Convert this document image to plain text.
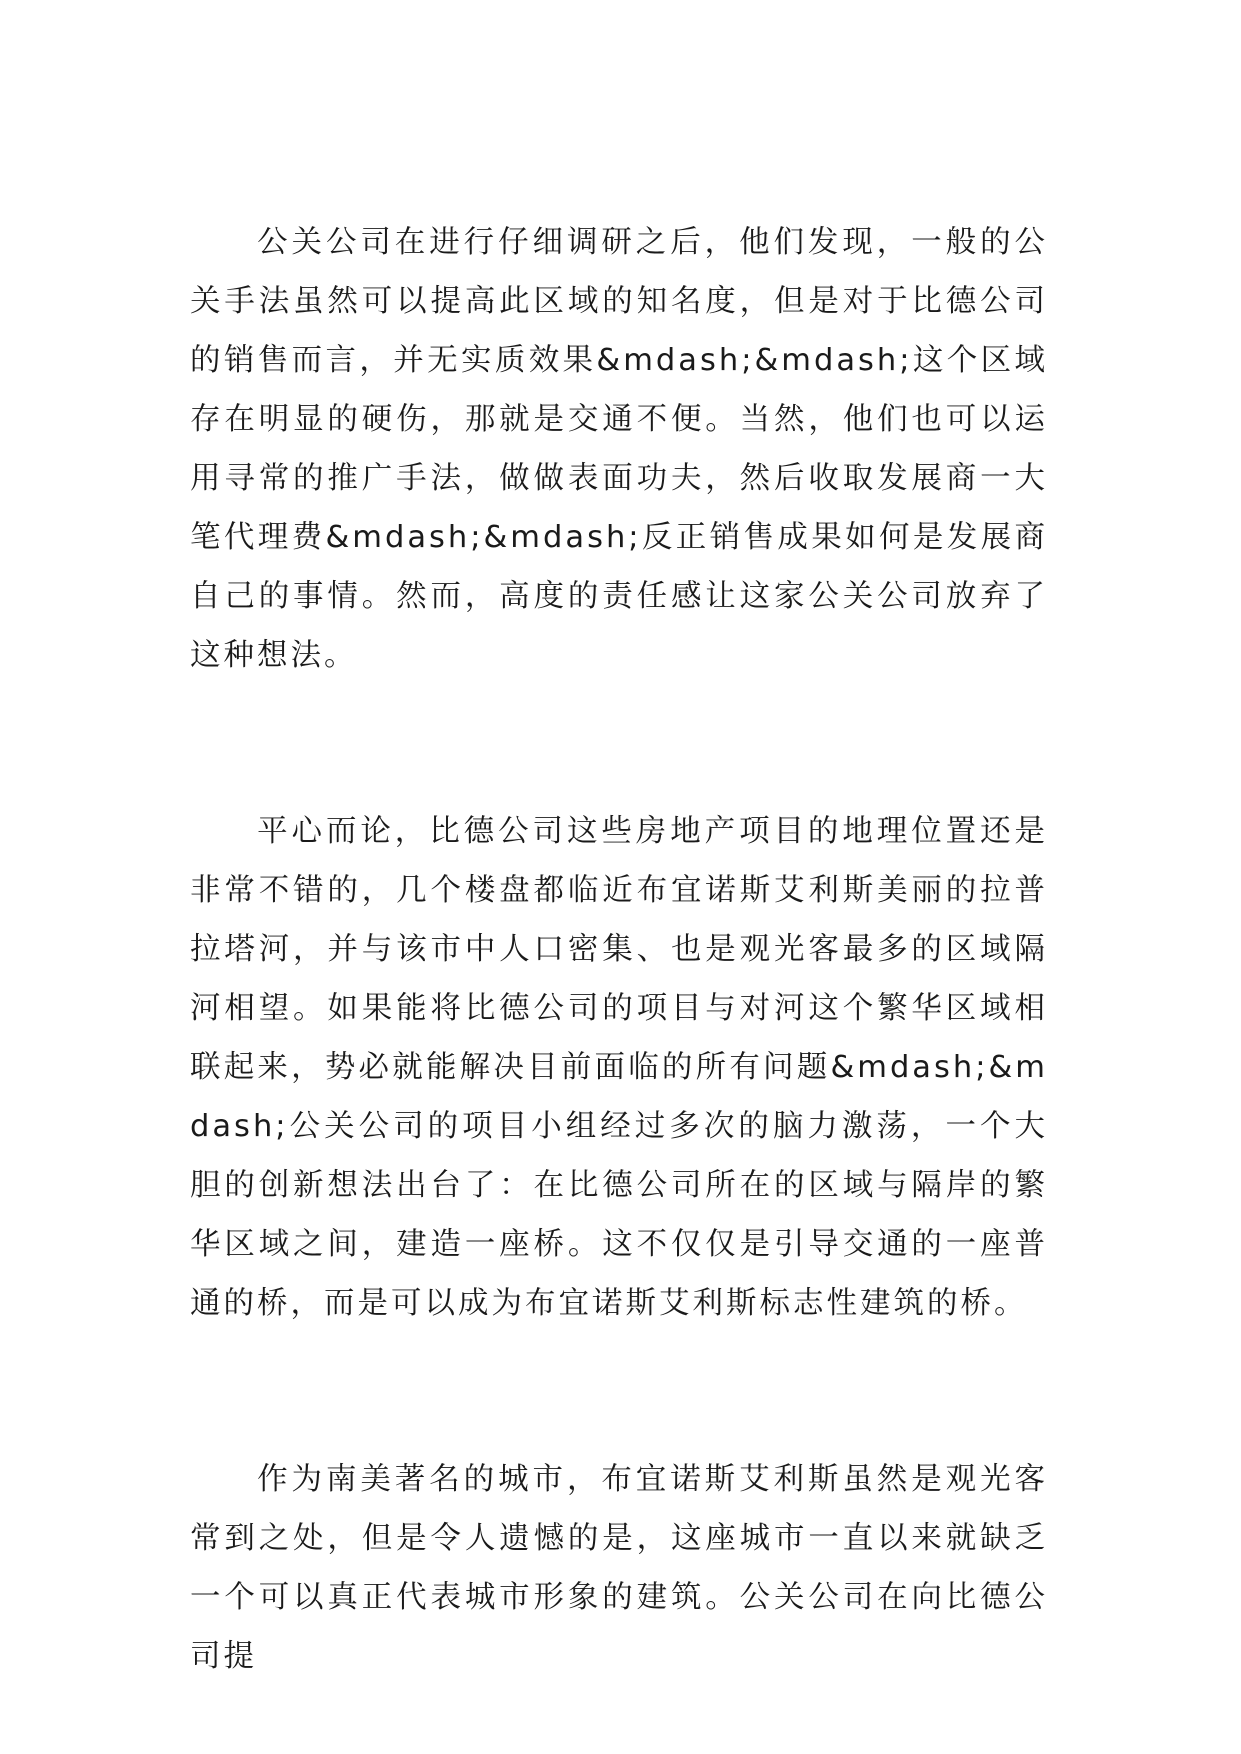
公关公司在进行仔细调研之后，他们发现，一般的公关手法虽然可以提高此区域的知名度，但是对于比德公司的销售而言，并无实质效果&mdash;&mdash;这个区域存在明显的硬伤，那就是交通不便。当然，他们也可以运用寻常的推广手法，做做表面功夫，然后收取发展商一大笔代理费&mdash;&mdash;反正销售成果如何是发展商自己的事情。然而，高度的责任感让这家公关公司放弃了这种想法。

平心而论，比德公司这些房地产项目的地理位置还是非常不错的，几个楼盘都临近布宜诺斯艾利斯美丽的拉普拉塔河，并与该市中人口密集、也是观光客最多的区域隔河相望。如果能将比德公司的项目与对河这个繁华区域相联起来，势必就能解决目前面临的所有问题&mdash;&mdash;公关公司的项目小组经过多次的脑力激荡，一个大胆的创新想法出台了：在比德公司所在的区域与隔岸的繁华区域之间，建造一座桥。这不仅仅是引导交通的一座普通的桥，而是可以成为布宜诺斯艾利斯标志性建筑的桥。

作为南美著名的城市，布宜诺斯艾利斯虽然是观光客常到之处，但是令人遗憾的是，这座城市一直以来就缺乏一个可以真正代表城市形象的建筑。公关公司在向比德公司提
